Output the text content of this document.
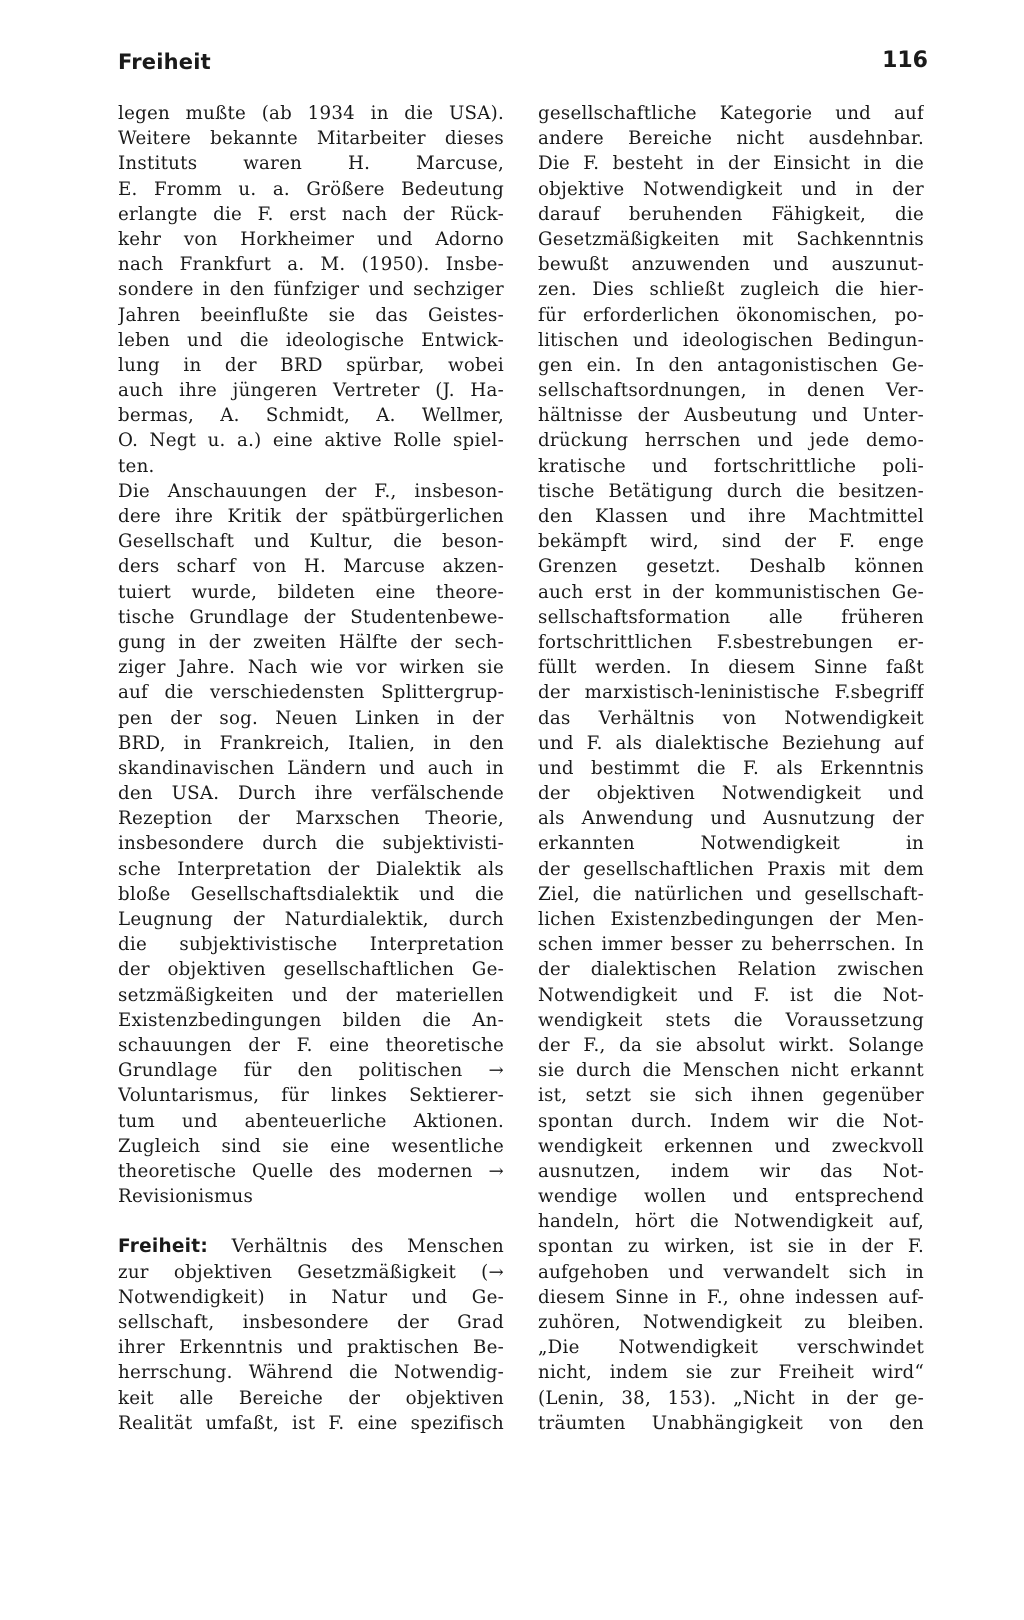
Freiheit	116
legen mußte (ab 1934 in die USA).
Weitere bekannte Mitarbeiter dieses
Instituts waren H. Marcuse,
E. Fromm u. a. Größere Bedeutung
erlangte die F. erst nach der Rück-
kehr von Horkheimer und Adorno
nach Frankfurt a. M. (1950). Insbe-
sondere in den fünfziger und sechziger
Jahren beeinflußte sie das Geistes-
leben und die ideologische Entwick-
lung in der BRD spürbar, wobei
auch ihre jüngeren Vertreter (J. Ha-
bermas, A. Schmidt, A. Wellmer,
O. Negt u. a.) eine aktive Rolle spiel-
ten.
Die Anschauungen der F., insbeson-
dere ihre Kritik der spätbürgerlichen
Gesellschaft und Kultur, die beson-
ders scharf von H. Marcuse akzen-
tuiert wurde, bildeten eine theore-
tische Grundlage der Studentenbewe-
gung in der zweiten Hälfte der sech-
ziger Jahre. Nach wie vor wirken sie
auf die verschiedensten Splittergrup-
pen der sog. Neuen Linken in der
BRD, in Frankreich, Italien, in den
skandinavischen Ländern und auch in
den USA. Durch ihre verfälschende
Rezeption der Marxschen Theorie,
insbesondere durch die subjektivisti-
sche Interpretation der Dialektik als
bloße Gesellschaftsdialektik und die
Leugnung der Naturdialektik, durch
die subjektivistische Interpretation
der objektiven gesellschaftlichen Ge-
setzmäßigkeiten und der materiellen
Existenzbedingungen bilden die An-
schauungen der F. eine theoretische
Grundlage für den politischen →
Voluntarismus, für linkes Sektierer-
tum und abenteuerliche Aktionen.
Zugleich sind sie eine wesentliche
theoretische Quelle des modernen →
Revisionismus
Freiheit: Verhältnis des Menschen
zur objektiven Gesetzmäßigkeit (→
Notwendigkeit) in Natur und Ge-
sellschaft, insbesondere der Grad
ihrer Erkenntnis und praktischen Be-
herrschung. Während die Notwendig-
keit alle Bereiche der objektiven
Realität umfaßt, ist F. eine spezifisch
gesellschaftliche Kategorie und auf
andere Bereiche nicht ausdehnbar.
Die F. besteht in der Einsicht in die
objektive Notwendigkeit und in der
darauf beruhenden Fähigkeit, die
Gesetzmäßigkeiten mit Sachkenntnis
bewußt anzuwenden und auszunut-
zen. Dies schließt zugleich die hier-
für erforderlichen ökonomischen, po-
litischen und ideologischen Bedingun-
gen ein. In den antagonistischen Ge-
sellschaftsordnungen, in denen Ver-
hältnisse der Ausbeutung und Unter-
drückung herrschen und jede demo-
kratische und fortschrittliche poli-
tische Betätigung durch die besitzen-
den Klassen und ihre Machtmittel
bekämpft wird, sind der F. enge
Grenzen gesetzt. Deshalb können
auch erst in der kommunistischen Ge-
sellschaftsformation alle früheren
fortschrittlichen F.sbestrebungen er-
füllt werden. In diesem Sinne faßt
der marxistisch-leninistische F.sbegriff
das Verhältnis von Notwendigkeit
und F. als dialektische Beziehung auf
und bestimmt die F. als Erkenntnis
der objektiven Notwendigkeit und
als Anwendung und Ausnutzung der
erkannten Notwendigkeit in
der gesellschaftlichen Praxis mit dem
Ziel, die natürlichen und gesellschaft-
lichen Existenzbedingungen der Men-
schen immer besser zu beherrschen. In
der dialektischen Relation zwischen
Notwendigkeit und F. ist die Not-
wendigkeit stets die Voraussetzung
der F., da sie absolut wirkt. Solange
sie durch die Menschen nicht erkannt
ist, setzt sie sich ihnen gegenüber
spontan durch. Indem wir die Not-
wendigkeit erkennen und zweckvoll
ausnutzen, indem wir das Not-
wendige wollen und entsprechend
handeln, hört die Notwendigkeit auf,
spontan zu wirken, ist sie in der F.
aufgehoben und verwandelt sich in
diesem Sinne in F., ohne indessen auf-
zuhören, Notwendigkeit zu bleiben.
„Die Notwendigkeit verschwindet
nicht, indem sie zur Freiheit wird“
(Lenin, 38, 153). „Nicht in der ge-
träumten Unabhängigkeit von den
